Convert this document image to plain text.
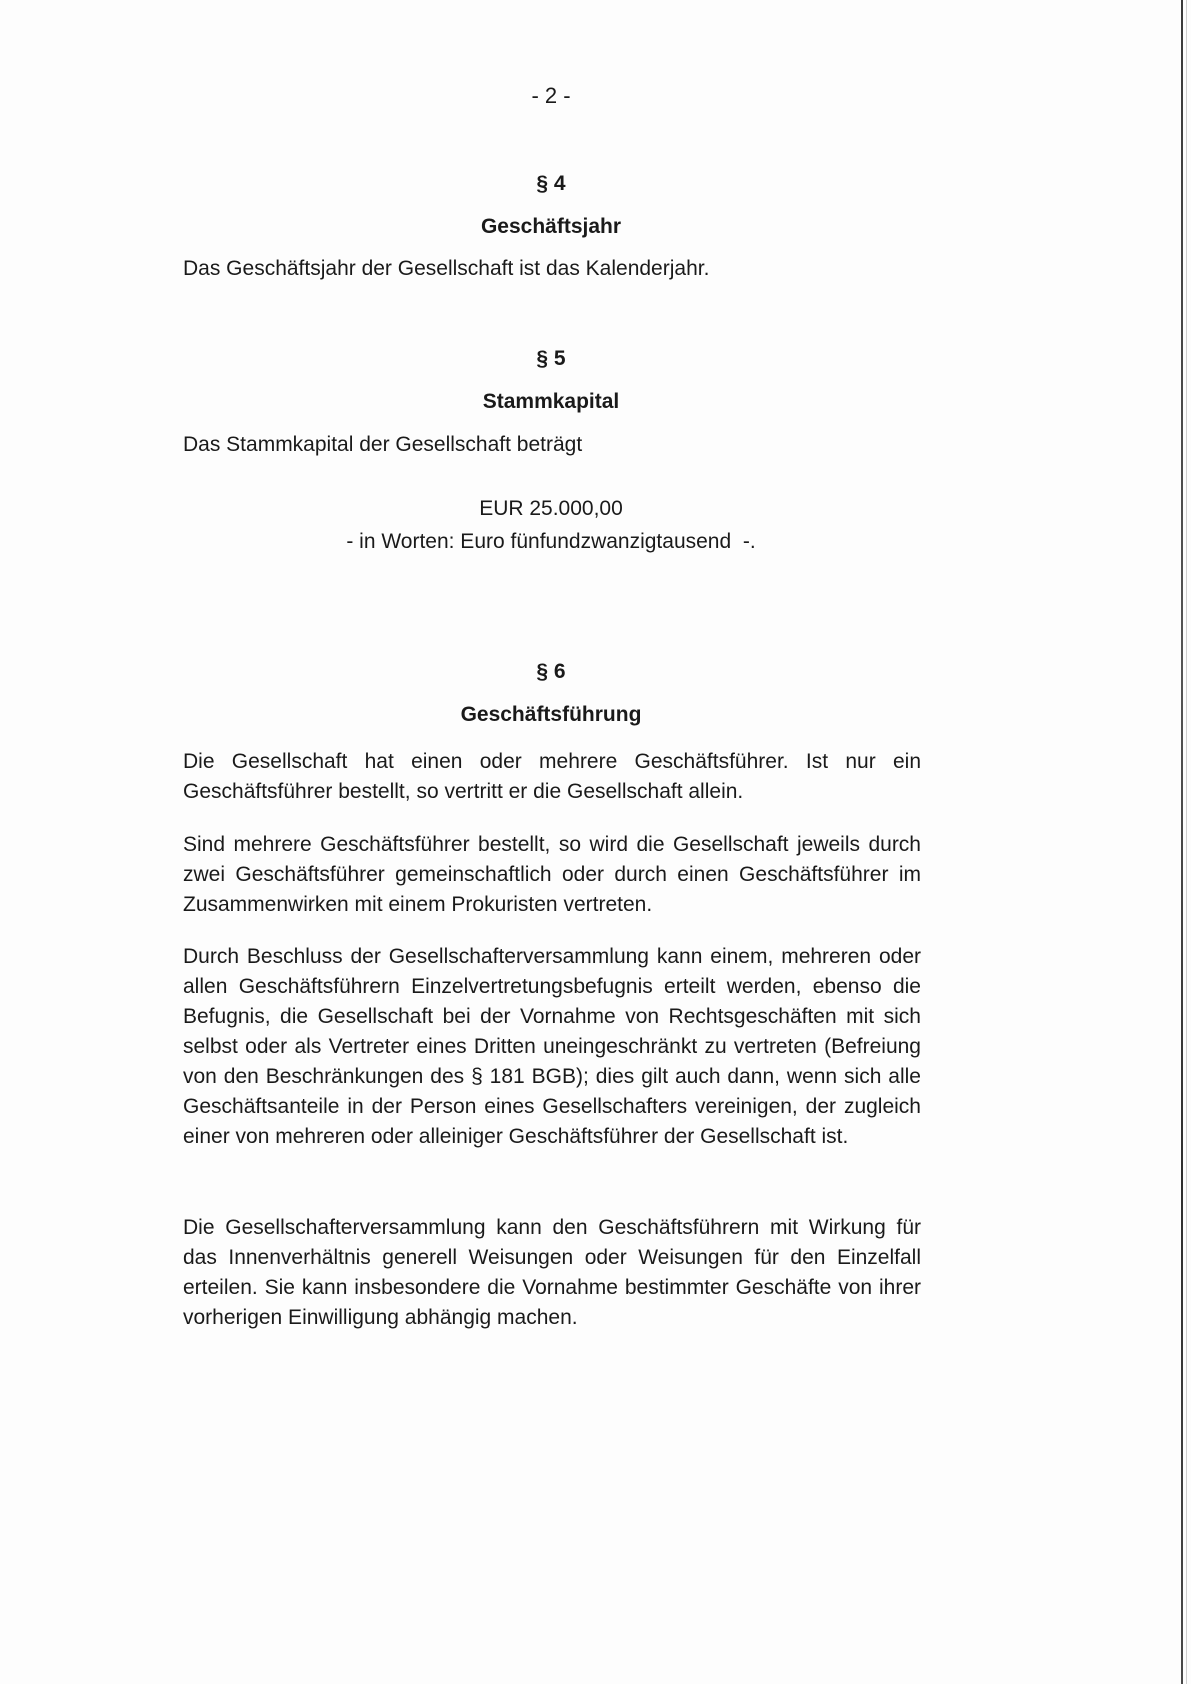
- 2 -
§ 4
Geschäftsjahr
Das Geschäftsjahr der Gesellschaft ist das Kalenderjahr.
§ 5
Stammkapital
Das Stammkapital der Gesellschaft beträgt
EUR 25.000,00
- in Worten: Euro fünfundzwanzigtausend  -.
§ 6
Geschäftsführung
Die Gesellschaft hat einen oder mehrere Geschäftsführer. Ist nur ein Geschäftsführer bestellt, so vertritt er die Gesellschaft allein.
Sind mehrere Geschäftsführer bestellt, so wird die Gesellschaft jeweils durch zwei Geschäftsführer gemeinschaftlich oder durch einen Geschäftsführer im Zusammenwirken mit einem Prokuristen vertreten.
Durch Beschluss der Gesellschafterversammlung kann einem, mehreren oder allen Geschäftsführern Einzelvertretungsbefugnis erteilt werden, ebenso die Befugnis, die Gesellschaft bei der Vornahme von Rechtsgeschäften mit sich selbst oder als Vertreter eines Dritten uneingeschränkt zu vertreten (Befreiung von den Beschränkungen des § 181 BGB); dies gilt auch dann, wenn sich alle Geschäftsanteile in der Person eines Gesellschafters vereinigen, der zugleich einer von mehreren oder alleiniger Geschäftsführer der Gesellschaft ist.
Die Gesellschafterversammlung kann den Geschäftsführern mit Wirkung für das Innenverhältnis generell Weisungen oder Weisungen für den Einzelfall erteilen. Sie kann insbesondere die Vornahme bestimmter Geschäfte von ihrer vorherigen Einwilligung abhängig machen.
